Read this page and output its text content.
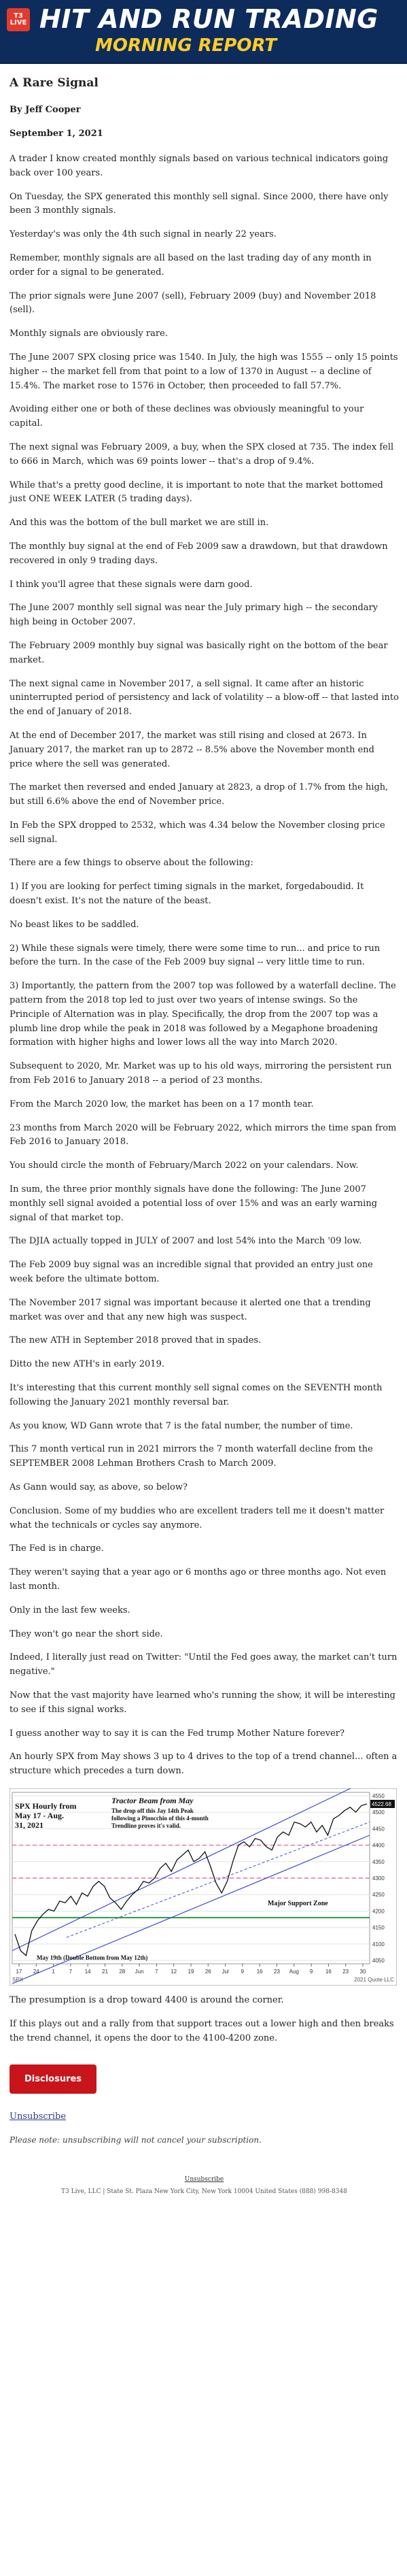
T3
LIVE HIT AND RUN TRADING
MORNING REPORT
A Rare Signal
By Jeff Cooper
September 1, 2021

A trader I know created monthly signals based on various technical indicators going back over 100 years.

On Tuesday, the SPX generated this monthly sell signal. Since 2000, there have only been 3 monthly signals.

Yesterday's was only the 4th such signal in nearly 22 years.

Remember, monthly signals are all based on the last trading day of any month in order for a signal to be generated.

The prior signals were June 2007 (sell), February 2009 (buy) and November 2018 (sell).

Monthly signals are obviously rare.

The June 2007 SPX closing price was 1540. In July, the high was 1555 -- only 15 points higher -- the market fell from that point to a low of 1370 in August -- a decline of 15.4%. The market rose to 1576 in October, then proceeded to fall 57.7%.

Avoiding either one or both of these declines was obviously meaningful to your capital.

The next signal was February 2009, a buy, when the SPX closed at 735. The index fell to 666 in March, which was 69 points lower -- that's a drop of 9.4%.

While that's a pretty good decline, it is important to note that the market bottomed just ONE WEEK LATER (5 trading days).

And this was the bottom of the bull market we are still in.

The monthly buy signal at the end of Feb 2009 saw a drawdown, but that drawdown recovered in only 9 trading days.

I think you'll agree that these signals were darn good.

The June 2007 monthly sell signal was near the July primary high -- the secondary high being in October 2007.

The February 2009 monthly buy signal was basically right on the bottom of the bear market.

The next signal came in November 2017, a sell signal. It came after an historic uninterrupted period of persistency and lack of volatility -- a blow-off -- that lasted into the end of January of 2018.

At the end of December 2017, the market was still rising and closed at 2673. In January 2017, the market ran up to 2872 -- 8.5% above the November month end price where the sell was generated.

The market then reversed and ended January at 2823, a drop of 1.7% from the high, but still 6.6% above the end of November price.

In Feb the SPX dropped to 2532, which was 4.34 below the November closing price sell signal.

There are a few things to observe about the following:

1) If you are looking for perfect timing signals in the market, forgedaboudid. It doesn't exist. It's not the nature of the beast.

No beast likes to be saddled.

2) While these signals were timely, there were some time to run... and price to run before the turn. In the case of the Feb 2009 buy signal -- very little time to run.

3) Importantly, the pattern from the 2007 top was followed by a waterfall decline. The pattern from the 2018 top led to just over two years of intense swings. So the Principle of Alternation was in play. Specifically, the drop from the 2007 top was a plumb line drop while the peak in 2018 was followed by a Megaphone broadening formation with higher highs and lower lows all the way into March 2020.

Subsequent to 2020, Mr. Market was up to his old ways, mirroring the persistent run from Feb 2016 to January 2018 -- a period of 23 months.

From the March 2020 low, the market has been on a 17 month tear.

23 months from March 2020 will be February 2022, which mirrors the time span from Feb 2016 to January 2018.

You should circle the month of February/March 2022 on your calendars. Now.

In sum, the three prior monthly signals have done the following: The June 2007 monthly sell signal avoided a potential loss of over 15% and was an early warning signal of that market top.

The DJIA actually topped in JULY of 2007 and lost 54% into the March '09 low.

The Feb 2009 buy signal was an incredible signal that provided an entry just one week before the ultimate bottom.

The November 2017 signal was important because it alerted one that a trending market was over and that any new high was suspect.

The new ATH in September 2018 proved that in spades.

Ditto the new ATH's in early 2019.

It's interesting that this current monthly sell signal comes on the SEVENTH month following the January 2021 monthly reversal bar.

As you know, WD Gann wrote that 7 is the fatal number, the number of time.

This 7 month vertical run in 2021 mirrors the 7 month waterfall decline from the SEPTEMBER 2008 Lehman Brothers Crash to March 2009.

As Gann would say, as above, so below?

Conclusion. Some of my buddies who are excellent traders tell me it doesn't matter what the technicals or cycles say anymore.

The Fed is in charge.

They weren't saying that a year ago or 6 months ago or three months ago. Not even last month.

Only in the last few weeks.

They won't go near the short side.

Indeed, I literally just read on Twitter: "Until the Fed goes away, the market can't turn negative."

Now that the vast majority have learned who's running the show, it will be interesting to see if this signal works.

I guess another way to say it is can the Fed trump Mother Nature forever?

An hourly SPX from May shows 3 up to 4 drives to the top of a trend channel... often a structure which precedes a turn down.

4050
4100
4150
4200
4250
4300
4350
4400
4450
4500
4550
17 24 1	7 14 21 28 Jun 7 12 19 26 Jul 9 16 23 Aug 9 16 23 30
4522.68
SPX Hourly from
May 17 - Aug.
31, 2021
Tractor Beam from May
The drop off this Jay 14th Peak
following a Pinocchio of this 4-month
Trendline proves it's valid.
Major Support Zone
May 19th (Double Bottom from May 12th)
SPX	2021 Quote LLC

The presumption is a drop toward 4400 is around the corner.

If this plays out and a rally from that support traces out a lower high and then breaks the trend channel, it opens the door to the 4100-4200 zone.

Disclosures
Unsubscribe
Please note: unsubscribing will not cancel your subscription.
Unsubscribe
T3 Live, LLC | State St. Plaza New York City, New York 10004 United States (888) 998-8348
